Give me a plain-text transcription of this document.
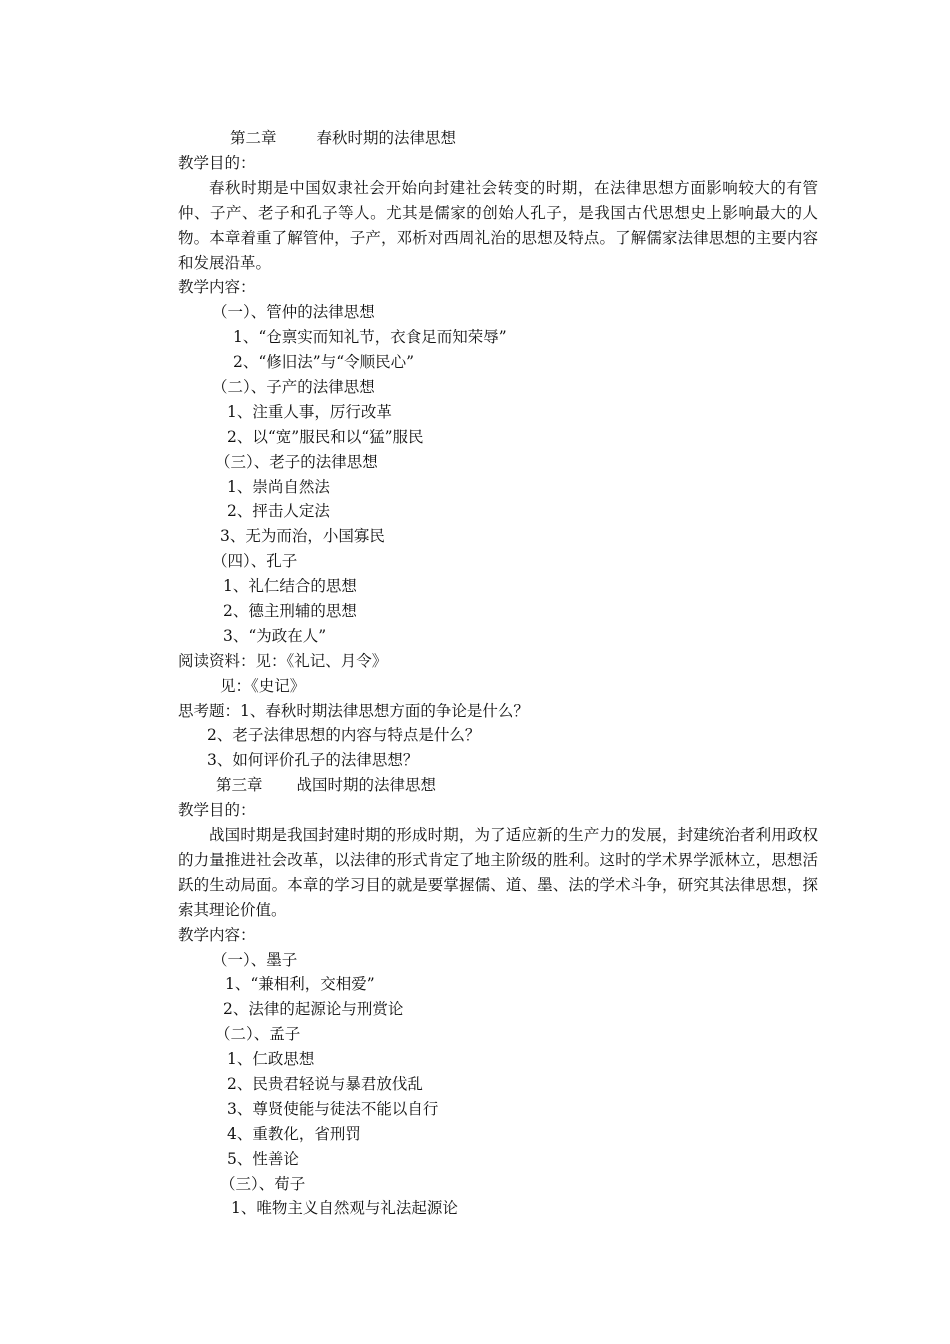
第二章	春秋时期的法律思想
教学目的：
春秋时期是中国奴隶社会开始向封建社会转变的时期，在法律思想方面影响较大的有管仲、子产、老子和孔子等人。尤其是儒家的创始人孔子，是我国古代思想史上影响最大的人物。本章着重了解管仲，子产，邓析对西周礼治的思想及特点。了解儒家法律思想的主要内容和发展沿革。
教学内容：
（一）、管仲的法律思想
1、“仓禀实而知礼节，衣食足而知荣辱”
2、“修旧法”与“令顺民心”
（二）、子产的法律思想
1、注重人事，厉行改革
2、以“宽”服民和以“猛”服民
（三）、老子的法律思想
1、崇尚自然法
2、抨击人定法
3、无为而治，小国寡民
（四）、孔子
1、礼仁结合的思想
2、德主刑辅的思想
3、“为政在人”
阅读资料：见：《礼记、月令》
见：《史记》
思考题：1、春秋时期法律思想方面的争论是什么？
2、老子法律思想的内容与特点是什么？
3、如何评价孔子的法律思想？
第三章 战国时期的法律思想
教学目的：
战国时期是我国封建时期的形成时期，为了适应新的生产力的发展，封建统治者利用政权的力量推进社会改革，以法律的形式肯定了地主阶级的胜利。这时的学术界学派林立，思想活跃的生动局面。本章的学习目的就是要掌握儒、道、墨、法的学术斗争，研究其法律思想，探索其理论价值。
教学内容：
（一）、墨子
1、“兼相利，交相爱”
2、法律的起源论与刑赏论
（二）、孟子
1、仁政思想
2、民贵君轻说与暴君放伐乱
3、尊贤使能与徒法不能以自行
4、重教化，省刑罚
5、性善论
（三）、荀子
1、唯物主义自然观与礼法起源论
